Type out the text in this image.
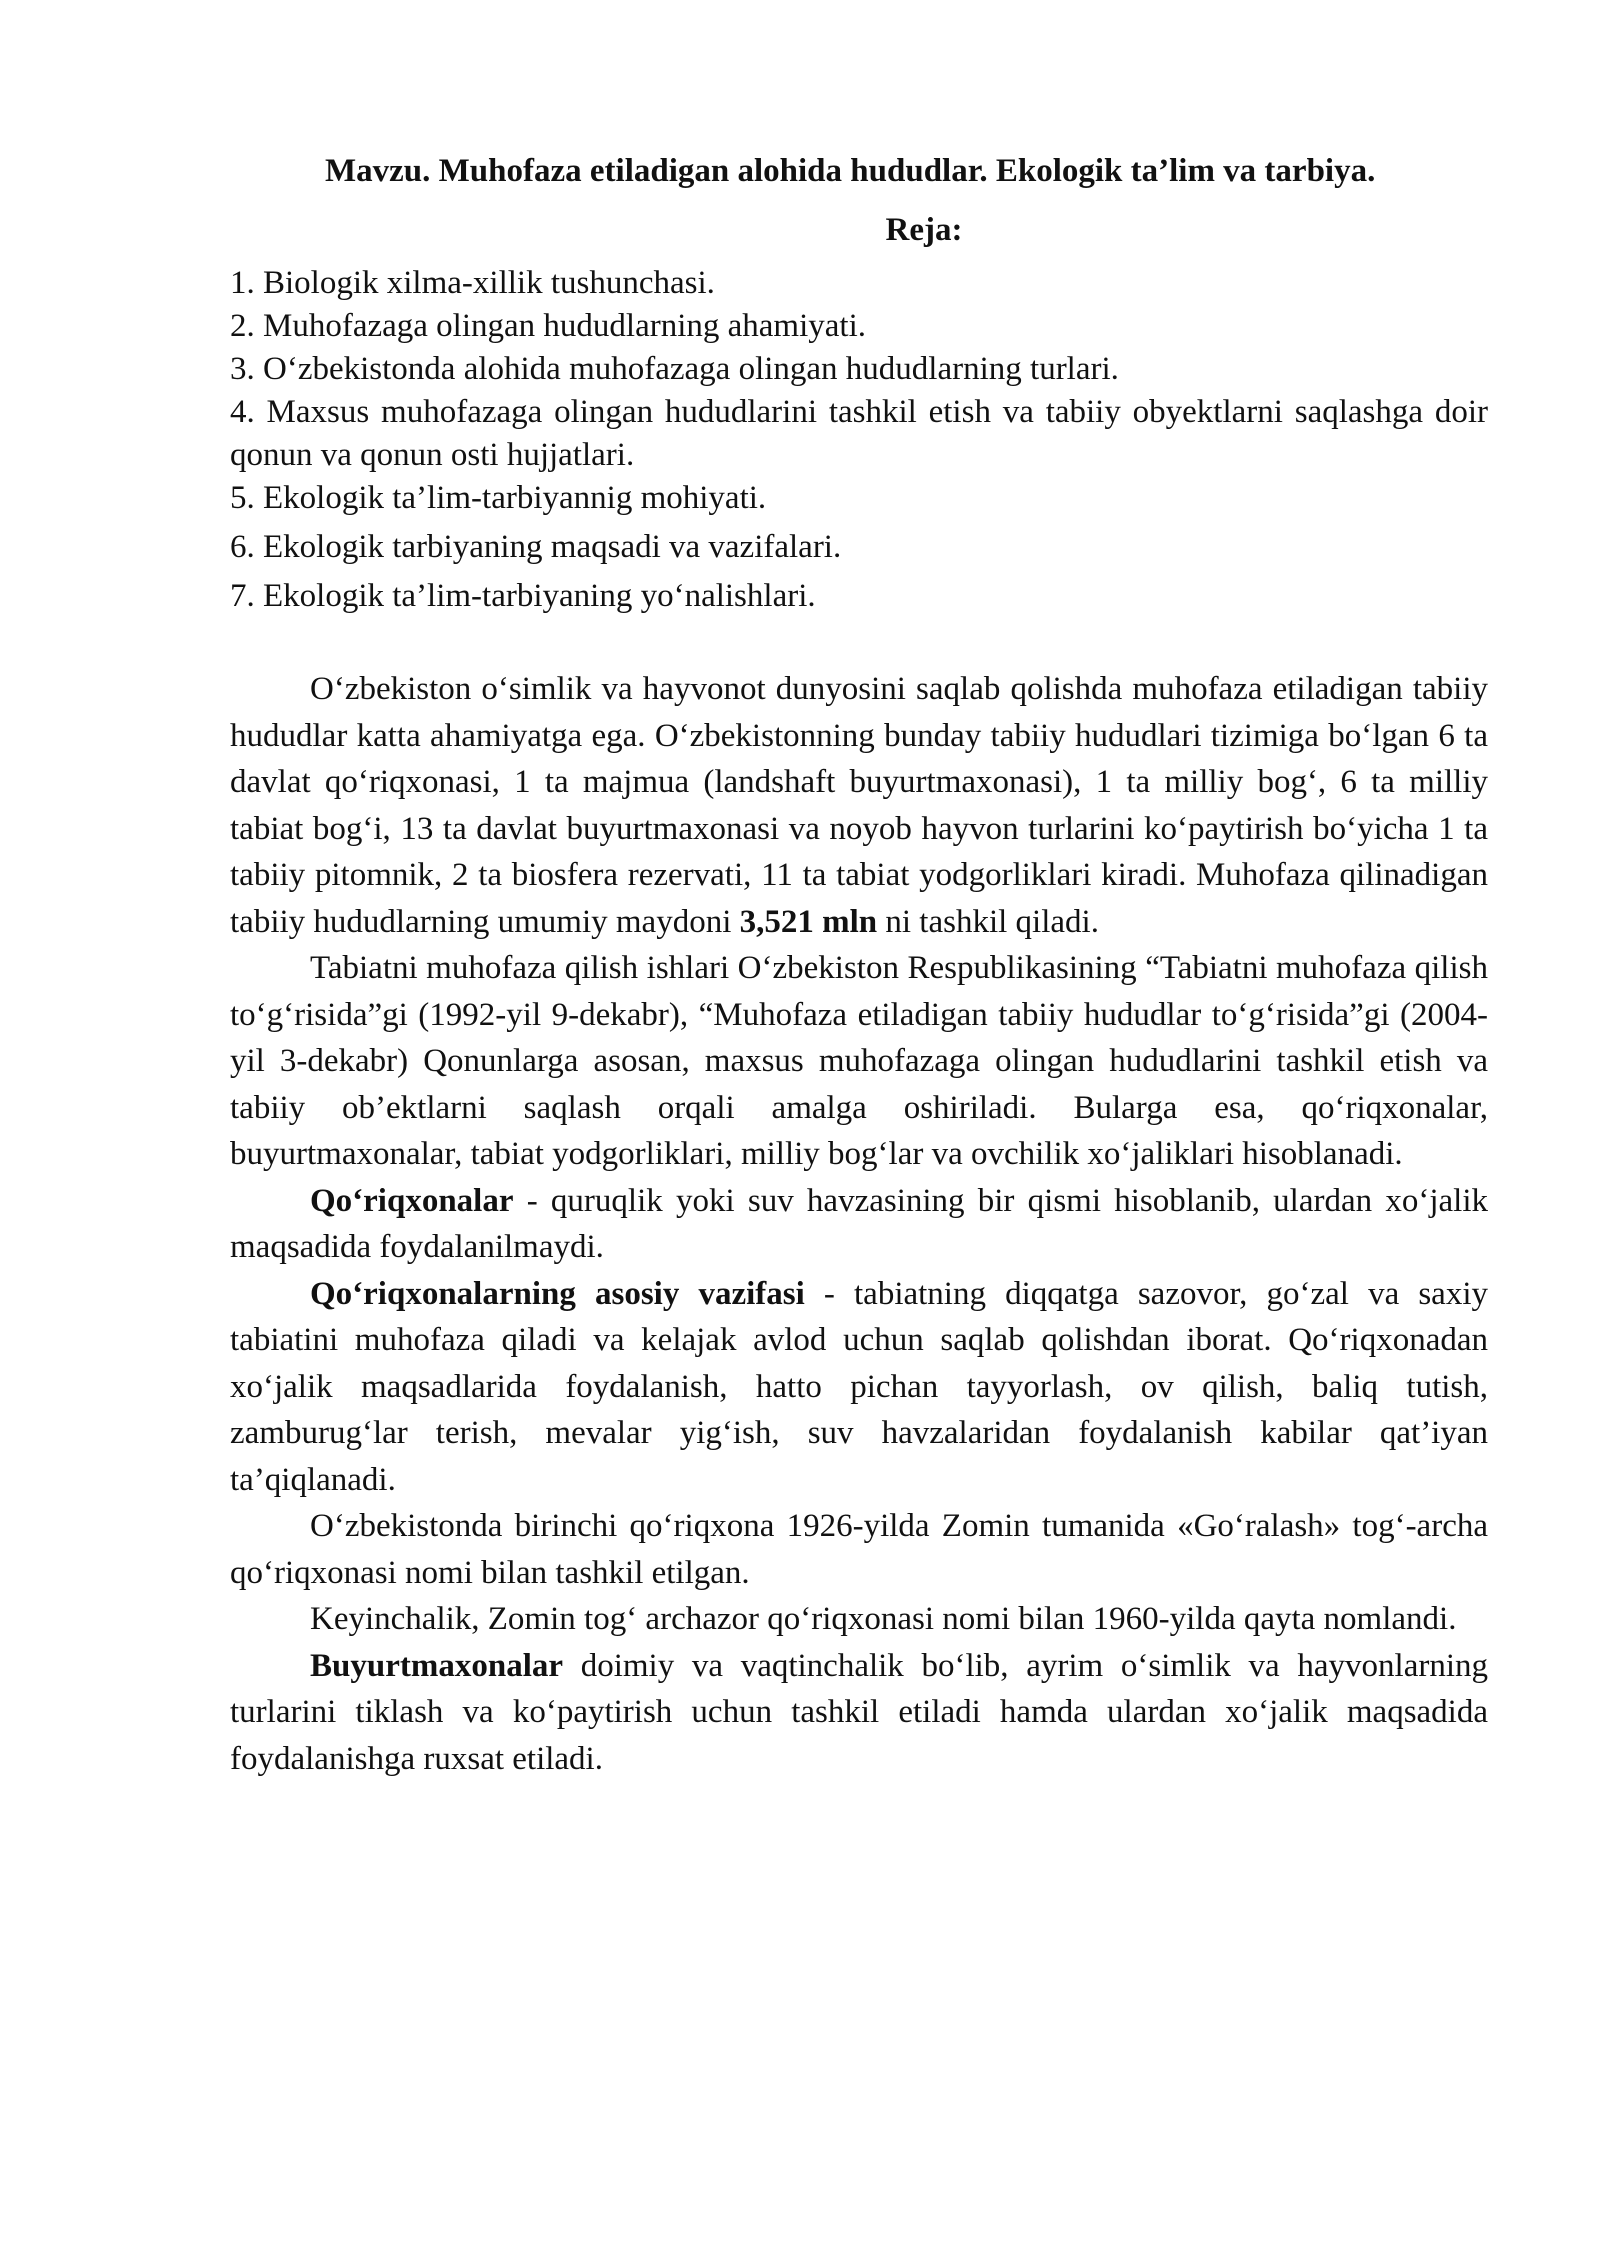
Mavzu. Muhofaza etiladigan alohida hududlar. Ekologik ta’lim va tarbiya.

Reja:

1. Biologik xilma-xillik tushunchasi.
2. Muhofazaga olingan hududlarning ahamiyati.
3. O‘zbekistonda alohida muhofazaga olingan hududlarning turlari.
4. Maxsus muhofazaga olingan hududlarini tashkil etish va tabiiy obyektlarni saqlashga doir qonun va qonun osti hujjatlari.
5. Ekologik ta’lim-tarbiyannig mohiyati.
6. Ekologik tarbiyaning maqsadi va vazifalari.
7. Ekologik ta’lim-tarbiyaning yo‘nalishlari.

O‘zbekiston o‘simlik va hayvonot dunyosini saqlab qolishda muhofaza etiladigan tabiiy hududlar katta ahamiyatga ega. O‘zbekistonning bunday tabiiy hududlari tizimiga bo‘lgan 6 ta davlat qo‘riqxonasi, 1 ta majmua (landshaft buyurtmaxonasi), 1 ta milliy bog‘, 6 ta milliy tabiat bog‘i, 13 ta davlat buyurtmaxonasi va noyob hayvon turlarini ko‘paytirish bo‘yicha 1 ta tabiiy pitomnik, 2 ta biosfera rezervati, 11 ta tabiat yodgorliklari kiradi. Muhofaza qilinadigan tabiiy hududlarning umumiy maydoni 3,521 mln ni tashkil qiladi.

Tabiatni muhofaza qilish ishlari O‘zbekiston Respublikasining “Tabiatni muhofaza qilish to‘g‘risida”gi (1992-yil 9-dekabr), “Muhofaza etiladigan tabiiy hududlar to‘g‘risida”gi (2004-yil 3-dekabr) Qonunlarga asosan, maxsus muhofazaga olingan hududlarini tashkil etish va tabiiy ob’ektlarni saqlash orqali amalga oshiriladi. Bularga esa, qo‘riqxonalar, buyurtmaxonalar, tabiat yodgorliklari, milliy bog‘lar va ovchilik xo‘jaliklari hisoblanadi.

Qo‘riqxonalar - quruqlik yoki suv havzasining bir qismi hisoblanib, ulardan xo‘jalik maqsadida foydalanilmaydi.

Qo‘riqxonalarning asosiy vazifasi - tabiatning diqqatga sazovor, go‘zal va saxiy tabiatini muhofaza qiladi va kelajak avlod uchun saqlab qolishdan iborat. Qo‘riqxonadan xo‘jalik maqsadlarida foydalanish, hatto pichan tayyorlash, ov qilish, baliq tutish, zamburug‘lar terish, mevalar yig‘ish, suv havzalaridan foydalanish kabilar qat’iyan ta’qiqlanadi.

O‘zbekistonda birinchi qo‘riqxona 1926-yilda Zomin tumanida «Go‘ralash» tog‘-archa qo‘riqxonasi nomi bilan tashkil etilgan.

Keyinchalik, Zomin tog‘ archazor qo‘riqxonasi nomi bilan 1960-yilda qayta nomlandi.

Buyurtmaxonalar doimiy va vaqtinchalik bo‘lib, ayrim o‘simlik va hayvonlarning turlarini tiklash va ko‘paytirish uchun tashkil etiladi hamda ulardan xo‘jalik maqsadida foydalanishga ruxsat etiladi.
